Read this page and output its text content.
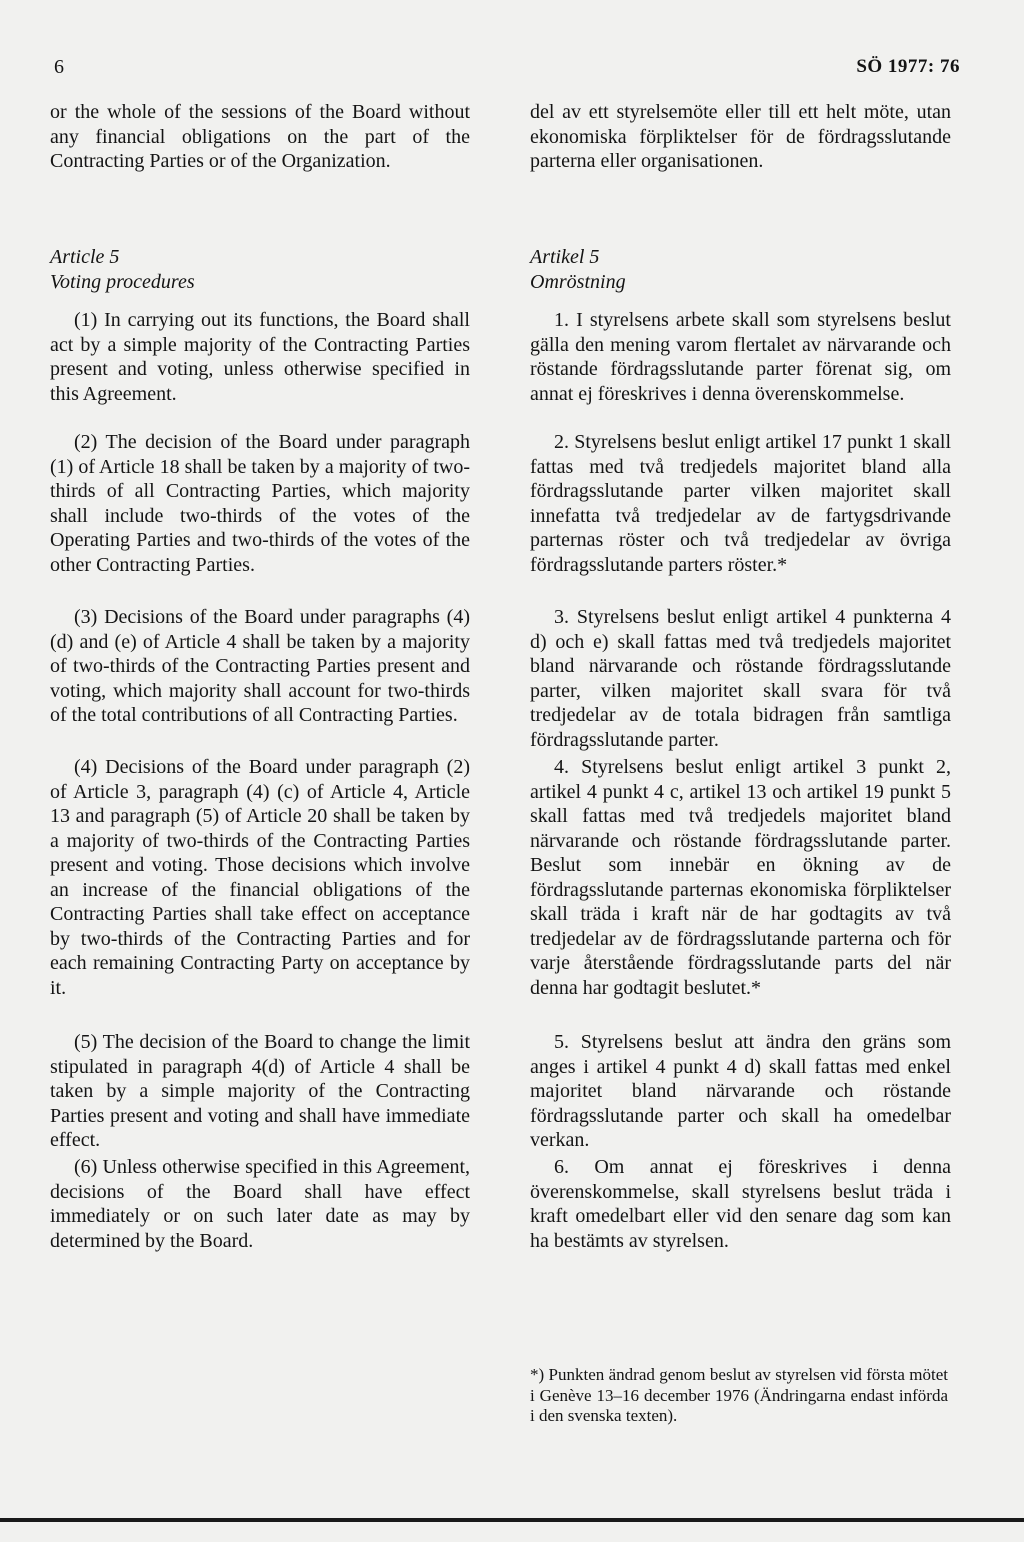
6	SÖ 1977: 76

or the whole of the sessions of the Board without any financial obligations on the part of the Contracting Parties or of the Organization.

Article 5

Voting procedures

(1) In carrying out its functions, the Board shall act by a simple majority of the Contracting Parties present and voting, unless otherwise specified in this Agreement.

(2) The decision of the Board under paragraph (1) of Article 18 shall be taken by a majority of two-thirds of all Contracting Parties, which majority shall include two-thirds of the votes of the Operating Parties and two-thirds of the votes of the other Contracting Parties.

(3) Decisions of the Board under paragraphs (4) (d) and (e) of Article 4 shall be taken by a majority of two-thirds of the Contracting Parties present and voting, which majority shall account for two-thirds of the total contributions of all Contracting Parties.

(4) Decisions of the Board under paragraph (2) of Article 3, paragraph (4) (c) of Article 4, Article 13 and paragraph (5) of Article 20 shall be taken by a majority of two-thirds of the Contracting Parties present and voting. Those decisions which involve an increase of the financial obligations of the Contracting Parties shall take effect on acceptance by two-thirds of the Contracting Parties and for each remaining Contracting Party on acceptance by it.

(5) The decision of the Board to change the limit stipulated in paragraph 4(d) of Article 4 shall be taken by a simple majority of the Contracting Parties present and voting and shall have immediate effect.

(6) Unless otherwise specified in this Agreement, decisions of the Board shall have effect immediately or on such later date as may by determined by the Board.

del av ett styrelsemöte eller till ett helt möte, utan ekonomiska förpliktelser för de fördragsslutande parterna eller organisationen.

Artikel 5

Omröstning

1. I styrelsens arbete skall som styrelsens beslut gälla den mening varom flertalet av närvarande och röstande fördragsslutande parter förenat sig, om annat ej föreskrives i denna överenskommelse.

2. Styrelsens beslut enligt artikel 17 punkt 1 skall fattas med två tredjedels majoritet bland alla fördragsslutande parter vilken majoritet skall innefatta två tredjedelar av de fartygsdrivande parternas röster och två tredjedelar av övriga fördragsslutande parters röster.*

3. Styrelsens beslut enligt artikel 4 punkterna 4 d) och e) skall fattas med två tredjedels majoritet bland närvarande och röstande fördragsslutande parter, vilken majoritet skall svara för två tredjedelar av de totala bidragen från samtliga fördragsslutande parter.

4. Styrelsens beslut enligt artikel 3 punkt 2, artikel 4 punkt 4 c, artikel 13 och artikel 19 punkt 5 skall fattas med två tredjedels majoritet bland närvarande och röstande fördragsslutande parter. Beslut som innebär en ökning av de fördragsslutande parternas ekonomiska förpliktelser skall träda i kraft när de har godtagits av två tredjedelar av de fördragsslutande parterna och för varje återstående fördragsslutande parts del när denna har godtagit beslutet.*

5. Styrelsens beslut att ändra den gräns som anges i artikel 4 punkt 4 d) skall fattas med enkel majoritet bland närvarande och röstande fördragsslutande parter och skall ha omedelbar verkan.

6. Om annat ej föreskrives i denna överenskommelse, skall styrelsens beslut träda i kraft omedelbart eller vid den senare dag som kan ha bestämts av styrelsen.

*) Punkten ändrad genom beslut av styrelsen vid första mötet i Genève 13–16 december 1976 (Ändringarna endast införda i den svenska texten).
